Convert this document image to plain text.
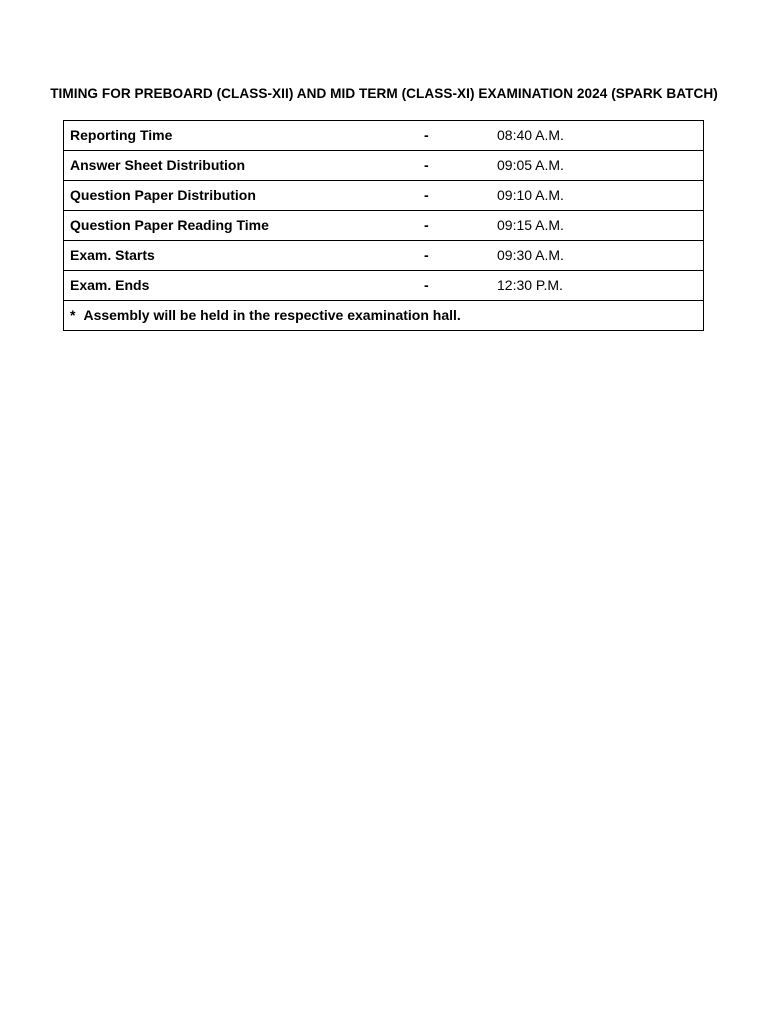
TIMING FOR PREBOARD (CLASS-XII) AND MID TERM (CLASS-XI) EXAMINATION 2024 (SPARK BATCH)
Reporting Time	-	08:40 A.M.
Answer Sheet Distribution	-	09:05 A.M.
Question Paper Distribution	-	09:10 A.M.
Question Paper Reading Time	-	09:15 A.M.
Exam. Starts	-	09:30 A.M.
Exam. Ends	-	12:30 P.M.
* Assembly will be held in the respective examination hall.		
